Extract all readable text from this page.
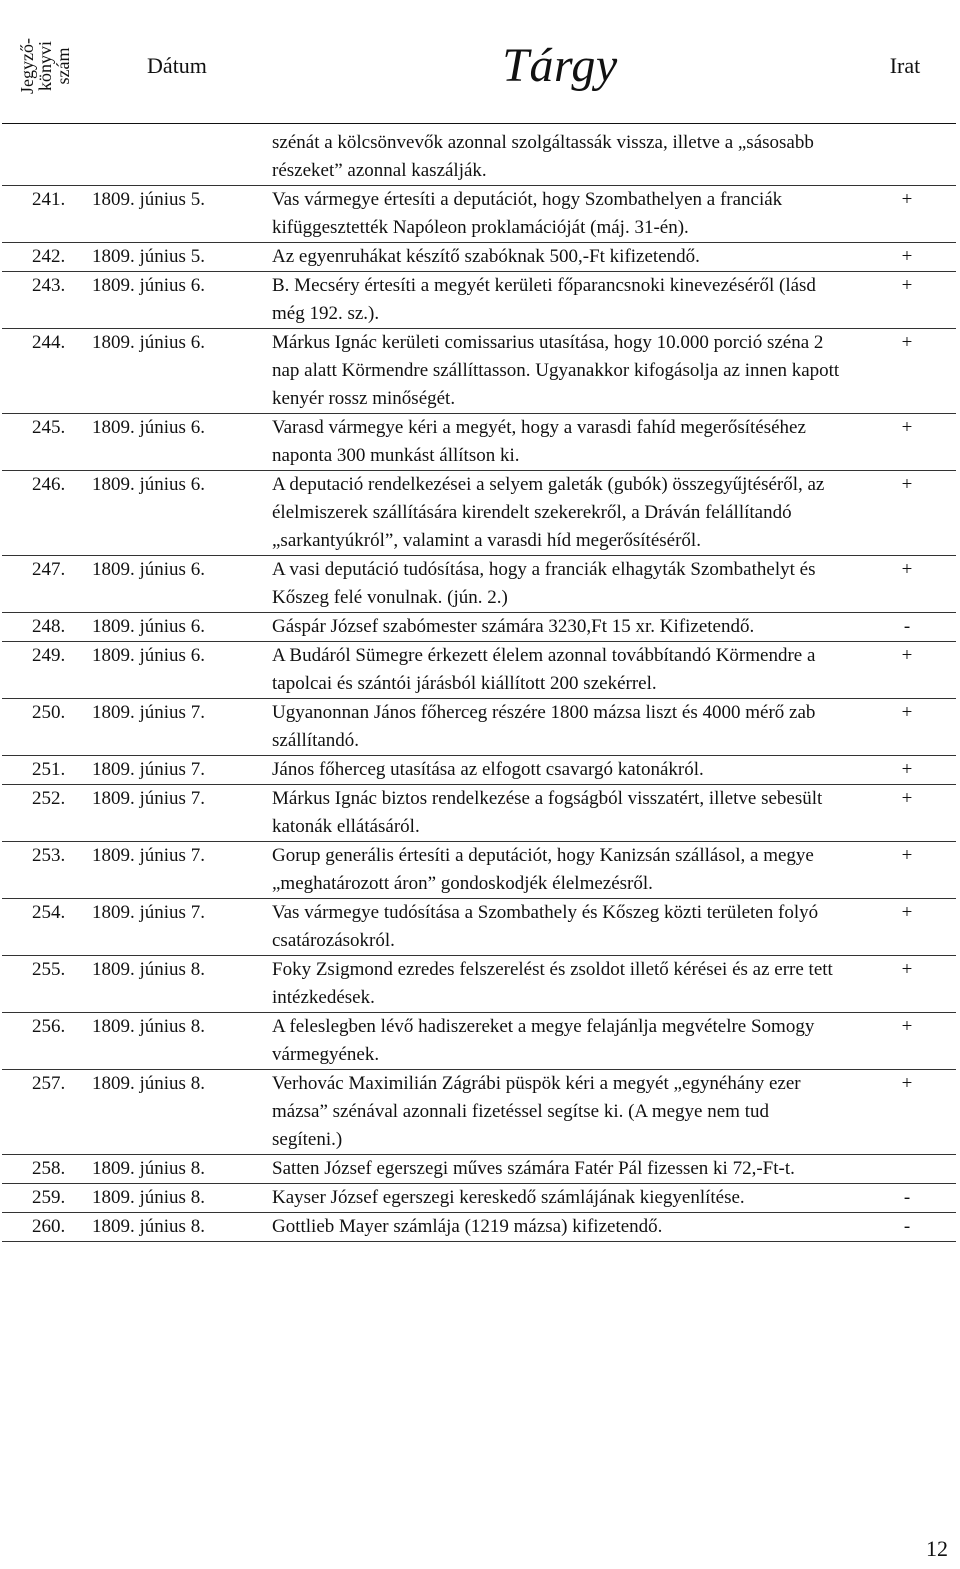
Jegyző-
könyvi
szám	Dátum	Tárgy	Irat
		szénát a kölcsönvevők azonnal szolgáltassák vissza, illetve a „sásosabb részeket” azonnal kaszálják.	
241.	1809. június 5.	Vas vármegye értesíti a deputációt, hogy Szombathelyen a franciák kifüggesztették Napóleon proklamációját (máj. 31-én).	+
242.	1809. június 5.	Az egyenruhákat készítő szabóknak 500,-Ft kifizetendő.	+
243.	1809. június 6.	B. Mecséry értesíti a megyét kerületi főparancsnoki kinevezéséről (lásd még 192. sz.).	+
244.	1809. június 6.	Márkus Ignác kerületi comissarius utasítása, hogy 10.000 porció széna 2 nap alatt Körmendre szállíttasson. Ugyanakkor kifogásolja az innen kapott kenyér rossz minőségét.	+
245.	1809. június 6.	Varasd vármegye kéri a megyét, hogy a varasdi fahíd megerősítéséhez naponta 300 munkást állítson ki.	+
246.	1809. június 6.	A deputació rendelkezései a selyem galeták (gubók) összegyűjtéséről, az élelmiszerek szállítására kirendelt szekerekről, a Dráván felállítandó „sarkantyúkról”, valamint a varasdi híd megerősítéséről.	+
247.	1809. június 6.	A vasi deputáció tudósítása, hogy a franciák elhagyták Szombathelyt és Kőszeg felé vonulnak. (jún. 2.)	+
248.	1809. június 6.	Gáspár József szabómester számára 3230,Ft 15 xr. Kifizetendő.	-
249.	1809. június 6.	A Budáról Sümegre érkezett élelem azonnal továbbítandó Körmendre a tapolcai és szántói járásból kiállított 200 szekérrel.	+
250.	1809. június 7.	Ugyanonnan János főherceg részére 1800 mázsa liszt és 4000 mérő zab szállítandó.	+
251.	1809. június 7.	János főherceg utasítása az elfogott csavargó katonákról.	+
252.	1809. június 7.	Márkus Ignác biztos rendelkezése a fogságból visszatért, illetve sebesült katonák ellátásáról.	+
253.	1809. június 7.	Gorup generális értesíti a deputációt, hogy Kanizsán szállásol, a megye „meghatározott áron” gondoskodjék élelmezésről.	+
254.	1809. június 7.	Vas vármegye tudósítása a Szombathely és Kőszeg közti területen folyó csatározásokról.	+
255.	1809. június 8.	Foky Zsigmond ezredes felszerelést és zsoldot illető kérései és az erre tett intézkedések.	+
256.	1809. június 8.	A feleslegben lévő hadiszereket a megye felajánlja megvételre Somogy vármegyének.	+
257.	1809. június 8.	Verhovác Maximilián Zágrábi püspök kéri a megyét „egynéhány ezer mázsa” szénával azonnali fizetéssel segítse ki. (A megye nem tud segíteni.)	+
258.	1809. június 8.	Satten József egerszegi műves számára Fatér Pál fizessen ki 72,-Ft-t.	
259.	1809. június 8.	Kayser József egerszegi kereskedő számlájának kiegyenlítése.	-
260.	1809. június 8.	Gottlieb Mayer számlája (1219 mázsa) kifizetendő.	-
12
